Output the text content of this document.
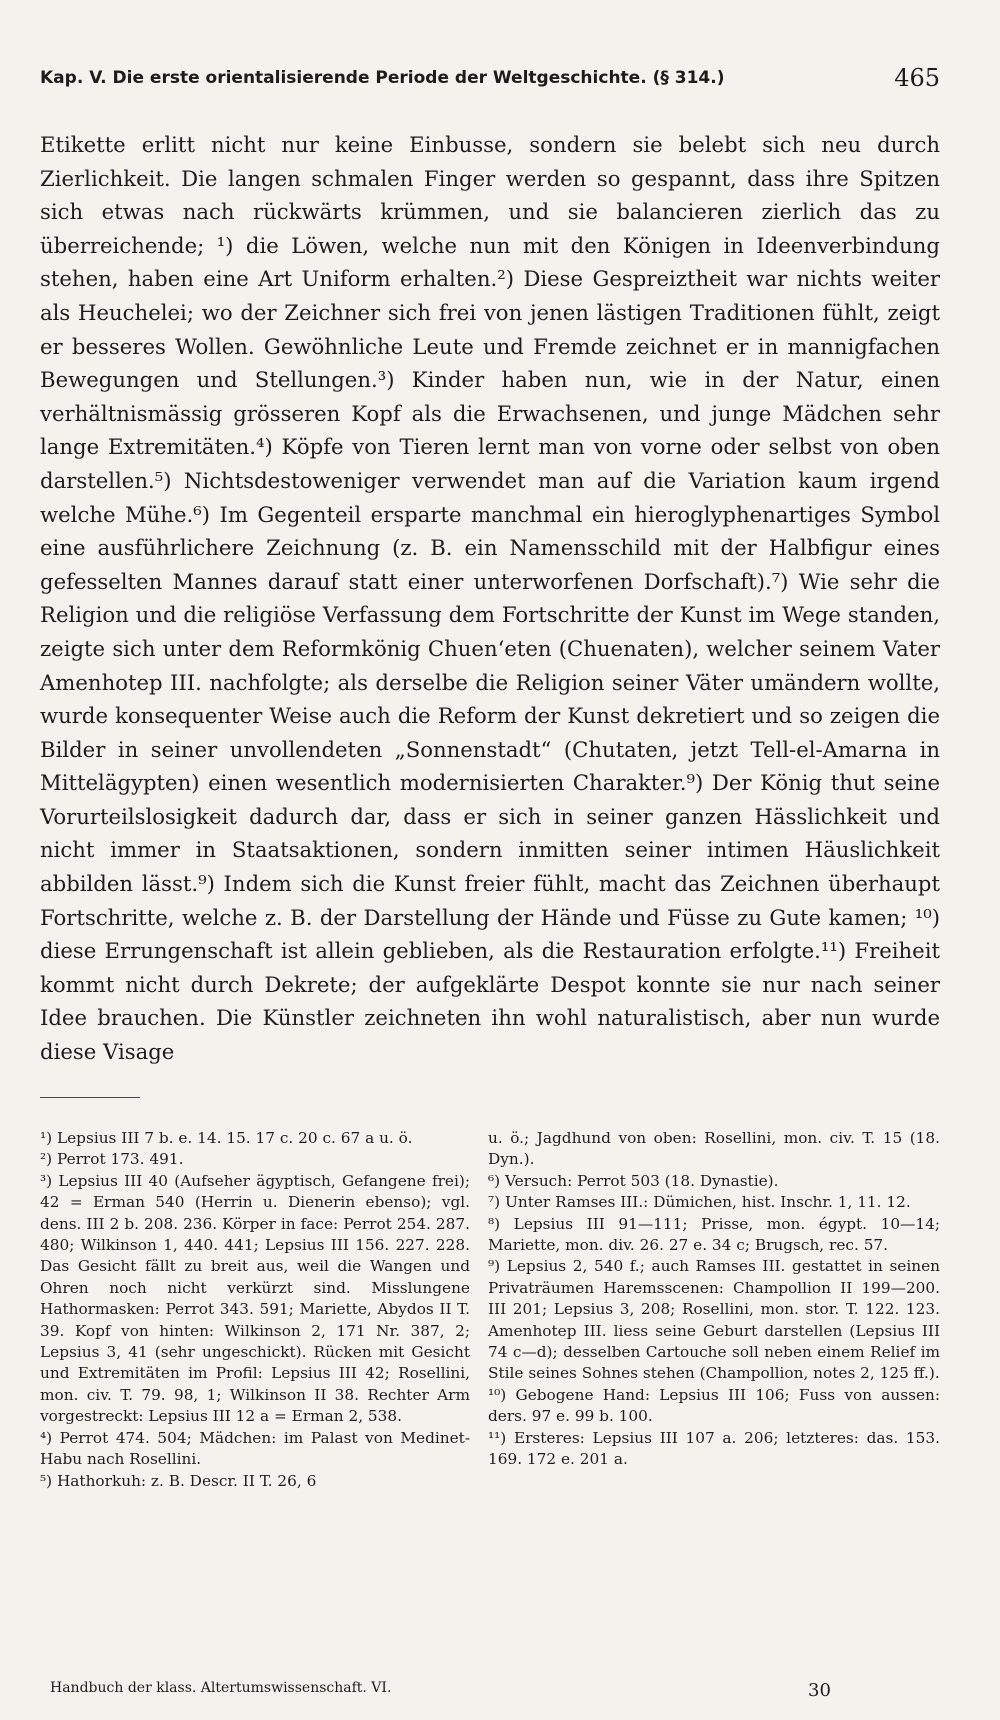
Kap. V. Die erste orientalisierende Periode der Weltgeschichte. (§ 314.)	465

Etikette erlitt nicht nur keine Einbusse, sondern sie belebt sich neu durch Zierlichkeit. Die langen schmalen Finger werden so gespannt, dass ihre Spitzen sich etwas nach rückwärts krümmen, und sie balancieren zierlich das zu überreichende; ¹) die Löwen, welche nun mit den Königen in Ideenverbindung stehen, haben eine Art Uniform erhalten.²) Diese Gespreiztheit war nichts weiter als Heuchelei; wo der Zeichner sich frei von jenen lästigen Traditionen fühlt, zeigt er besseres Wollen. Gewöhnliche Leute und Fremde zeichnet er in mannigfachen Bewegungen und Stellungen.³) Kinder haben nun, wie in der Natur, einen verhältnismässig grösseren Kopf als die Erwachsenen, und junge Mädchen sehr lange Extremitäten.⁴) Köpfe von Tieren lernt man von vorne oder selbst von oben darstellen.⁵) Nichtsdestoweniger verwendet man auf die Variation kaum irgend welche Mühe.⁶) Im Gegenteil ersparte manchmal ein hieroglyphenartiges Symbol eine ausführlichere Zeichnung (z. B. ein Namensschild mit der Halbfigur eines gefesselten Mannes darauf statt einer unterworfenen Dorfschaft).⁷) Wie sehr die Religion und die religiöse Verfassung dem Fortschritte der Kunst im Wege standen, zeigte sich unter dem Reformkönig Chuen‘eten (Chuenaten), welcher seinem Vater Amenhotep III. nachfolgte; als derselbe die Religion seiner Väter umändern wollte, wurde konsequenter Weise auch die Reform der Kunst dekretiert und so zeigen die Bilder in seiner unvollendeten „Sonnenstadt“ (Chutaten, jetzt Tell-el-Amarna in Mittelägypten) einen wesentlich modernisierten Charakter.⁹) Der König thut seine Vorurteilslosigkeit dadurch dar, dass er sich in seiner ganzen Hässlichkeit und nicht immer in Staatsaktionen, sondern inmitten seiner intimen Häuslichkeit abbilden lässt.⁹) Indem sich die Kunst freier fühlt, macht das Zeichnen überhaupt Fortschritte, welche z. B. der Darstellung der Hände und Füsse zu Gute kamen; ¹⁰) diese Errungenschaft ist allein geblieben, als die Restauration erfolgte.¹¹) Freiheit kommt nicht durch Dekrete; der aufgeklärte Despot konnte sie nur nach seiner Idee brauchen. Die Künstler zeichneten ihn wohl naturalistisch, aber nun wurde diese Visage

¹) Lepsius III 7 b. e. 14. 15. 17 c. 20 c. 67 a u. ö.

²) Perrot 173. 491.

³) Lepsius III 40 (Aufseher ägyptisch, Gefangene frei); 42 = Erman 540 (Herrin u. Dienerin ebenso); vgl. dens. III 2 b. 208. 236. Körper in face: Perrot 254. 287. 480; Wilkinson 1, 440. 441; Lepsius III 156. 227. 228. Das Gesicht fällt zu breit aus, weil die Wangen und Ohren noch nicht verkürzt sind. Misslungene Hathormasken: Perrot 343. 591; Mariette, Abydos II T. 39. Kopf von hinten: Wilkinson 2, 171 Nr. 387, 2; Lepsius 3, 41 (sehr ungeschickt). Rücken mit Gesicht und Extremitäten im Profil: Lepsius III 42; Rosellini, mon. civ. T. 79. 98, 1; Wilkinson II 38. Rechter Arm vorgestreckt: Lepsius III 12 a = Erman 2, 538.

⁴) Perrot 474. 504; Mädchen: im Palast von Medinet-Habu nach Rosellini.

⁵) Hathorkuh: z. B. Descr. II T. 26, 6

u. ö.; Jagdhund von oben: Rosellini, mon. civ. T. 15 (18. Dyn.).

⁶) Versuch: Perrot 503 (18. Dynastie).

⁷) Unter Ramses III.: Dümichen, hist. Inschr. 1, 11. 12.

⁸) Lepsius III 91—111; Prisse, mon. égypt. 10—14; Mariette, mon. div. 26. 27 e. 34 c; Brugsch, rec. 57.

⁹) Lepsius 2, 540 f.; auch Ramses III. gestattet in seinen Privaträumen Haremsscenen: Champollion II 199—200. III 201; Lepsius 3, 208; Rosellini, mon. stor. T. 122. 123. Amenhotep III. liess seine Geburt darstellen (Lepsius III 74 c—d); desselben Cartouche soll neben einem Relief im Stile seines Sohnes stehen (Champollion, notes 2, 125 ff.).

¹⁰) Gebogene Hand: Lepsius III 106; Fuss von aussen: ders. 97 e. 99 b. 100.

¹¹) Ersteres: Lepsius III 107 a. 206; letzteres: das. 153. 169. 172 e. 201 a.

Handbuch der klass. Altertumswissenschaft. VI.	30
